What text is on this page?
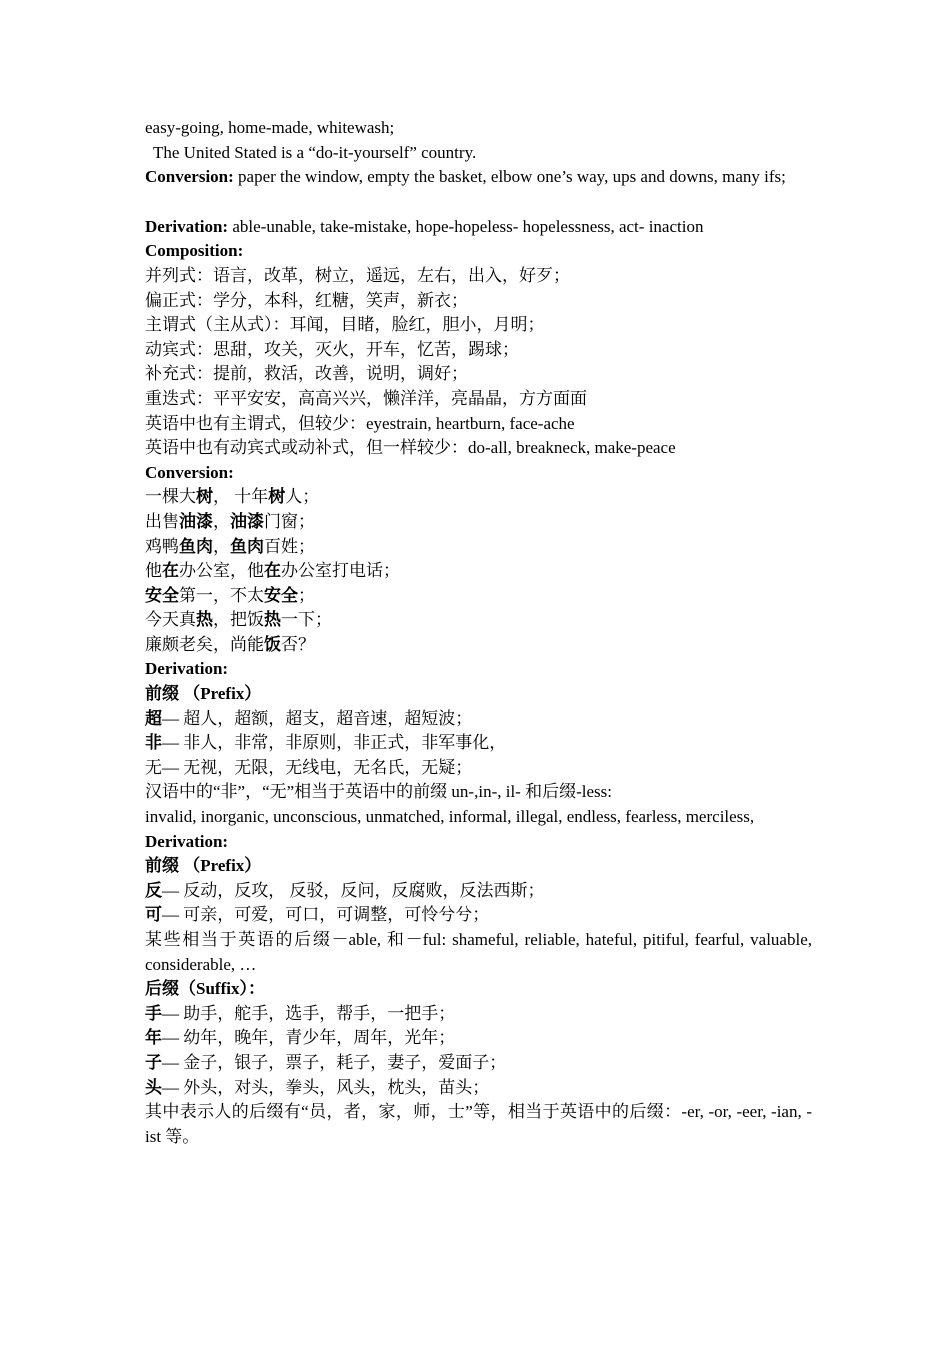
easy-going, home-made, whitewash;
The United Stated is a “do-it-yourself” country.
Conversion: paper the window, empty the basket, elbow one’s way, ups and downs, many ifs;
Derivation: able-unable, take-mistake, hope-hopeless- hopelessness, act- inaction
Composition:
并列式：语言，改革，树立，遥远，左右，出入，好歹；
偏正式：学分，本科，红糖，笑声，新衣；
主谓式（主从式）：耳闻，目睹，脸红，胆小，月明；
动宾式：思甜，攻关，灭火，开车，忆苦，踢球；
补充式：提前，救活，改善，说明，调好；
重迭式：平平安安，高高兴兴，懒洋洋，亮晶晶，方方面面
英语中也有主谓式，但较少：eyestrain, heartburn, face-ache
英语中也有动宾式或动补式，但一样较少：do-all, breakneck, make-peace
Conversion:
一棵大树， 十年树人；
出售油漆，油漆门窗；
鸡鸭鱼肉，鱼肉百姓；
他在办公室，他在办公室打电话；
安全第一，不太安全；
今天真热，把饭热一下；
廉颇老矣，尚能饭否？
Derivation:
前缀 （Prefix）
超— 超人，超额，超支，超音速，超短波；
非— 非人，非常，非原则，非正式，非军事化，
无— 无视，无限，无线电，无名氏，无疑；
汉语中的“非”，“无”相当于英语中的前缀 un-,in-, il- 和后缀-less:
invalid, inorganic, unconscious, unmatched, informal, illegal, endless, fearless, merciless,
Derivation:
前缀 （Prefix）
反— 反动，反攻， 反驳，反问，反腐败，反法西斯；
可— 可亲，可爱，可口，可调整，可怜兮兮；
某些相当于英语的后缀－able, 和－ful: shameful, reliable, hateful, pitiful, fearful, valuable, considerable, …
后缀（Suffix）：
手— 助手，舵手，选手，帮手，一把手；
年— 幼年，晚年，青少年，周年，光年；
子— 金子，银子，票子，耗子，妻子，爱面子；
头— 外头，对头，拳头，风头，枕头，苗头；
其中表示人的后缀有“员，者，家，师，士”等，相当于英语中的后缀：-er, -or, -eer, -ian, -ist 等。
